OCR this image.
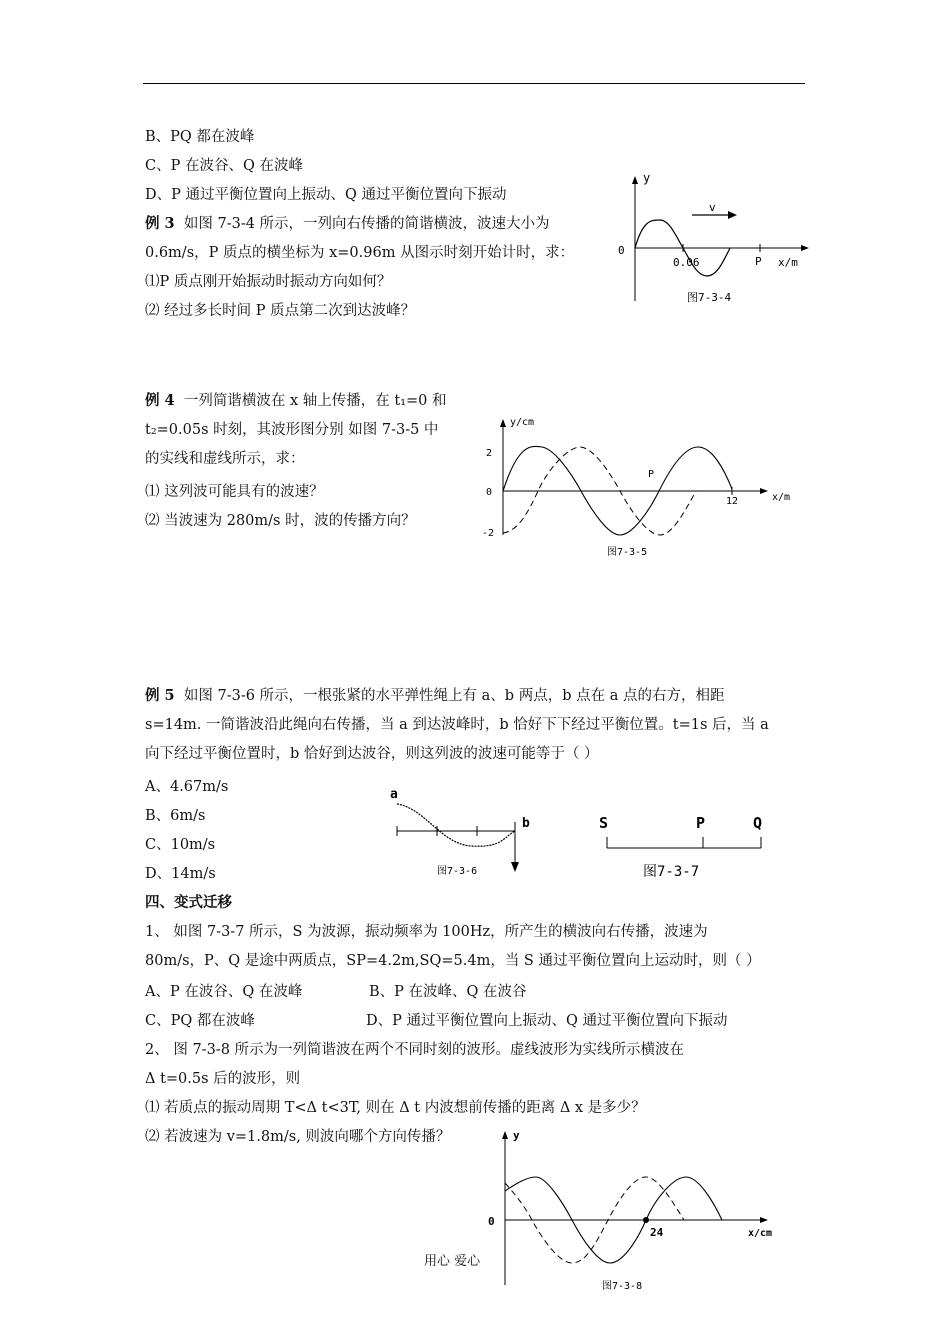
B、PQ 都在波峰
C、P 在波谷、Q 在波峰
D、P 通过平衡位置向上振动、Q 通过平衡位置向下振动
例 3 如图 7-3-4 所示，一列向右传播的简谐横波，波速大小为
0.6m/s，P 质点的横坐标为 x=0.96m 从图示时刻开始计时，求：
⑴P 质点刚开始振动时振动方向如何？
⑵ 经过多长时间 P 质点第二次到达波峰？
y
0
0.06	P x/m
v
图7-3-4
例 4 一列简谐横波在 x 轴上传播，在 t₁=0 和
t₂=0.05s 时刻，其波形图分别 如图 7-3-5 中
的实线和虚线所示，求：
⑴ 这列波可能具有的波速？
⑵ 当波速为 280m/s 时，波的传播方向？
y/cm
2
0
-2
P
12	x/m
图7-3-5
例 5 如图 7-3-6 所示，一根张紧的水平弹性绳上有 a、b 两点，b 点在 a 点的右方，相距
s=14m. 一简谐波沿此绳向右传播，当 a 到达波峰时，b 恰好下下经过平衡位置。t=1s 后，当 a
向下经过平衡位置时，b 恰好到达波谷，则这列波的波速可能等于（ ）
A、4.67m/s
B、6m/s
C、10m/s
D、14m/s
a
b
图7-3-6
S	P	Q
图7-3-7
四、变式迁移
1、 如图 7-3-7 所示，S 为波源，振动频率为 100Hz，所产生的横波向右传播，波速为
80m/s，P、Q 是途中两质点，SP=4.2m,SQ=5.4m，当 S 通过平衡位置向上运动时，则（ ）
A、P 在波谷、Q 在波峰	B、P 在波峰、Q 在波谷
C、PQ 都在波峰	D、P 通过平衡位置向上振动、Q 通过平衡位置向下振动
2、 图 7-3-8 所示为一列简谐波在两个不同时刻的波形。虚线波形为实线所示横波在
Δ t=0.5s 后的波形，则
⑴ 若质点的振动周期 T<Δ t<3T, 则在 Δ t 内波想前传播的距离 Δ x 是多少？
⑵ 若波速为 v=1.8m/s, 则波向哪个方向传播？	y
0
24	x/cm
图7-3-8
用心 爱心
